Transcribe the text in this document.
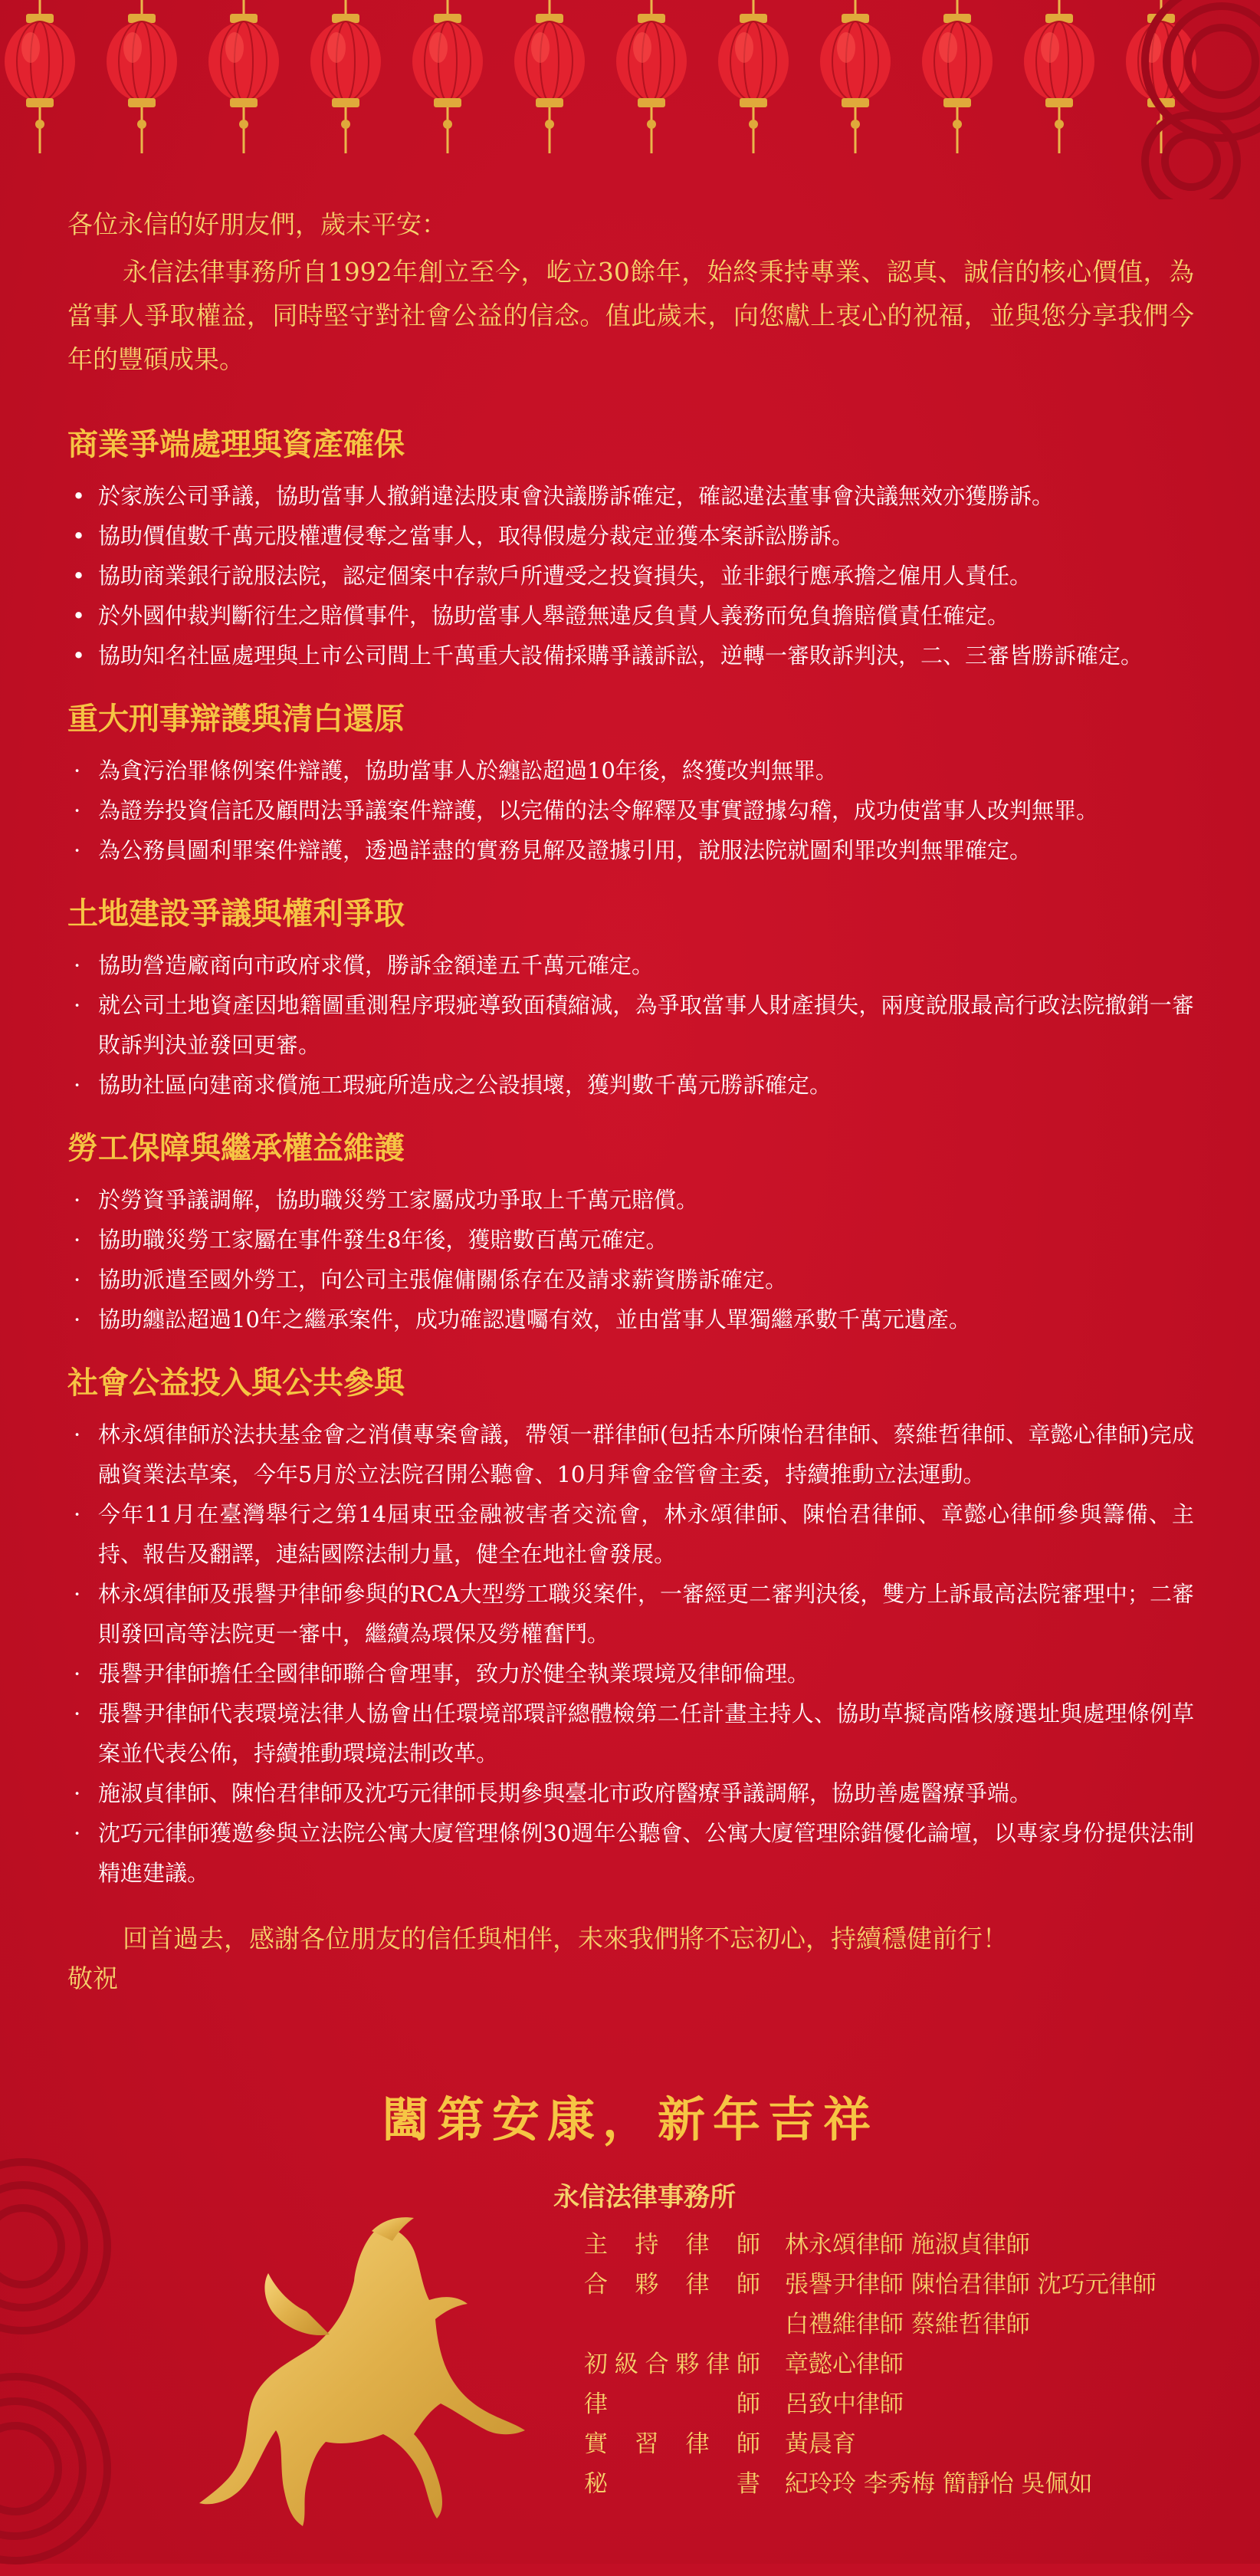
各位永信的好朋友們，歲末平安：

永信法律事務所自1992年創立至今，屹立30餘年，始終秉持專業、認真、誠信的核心價值，為當事人爭取權益，同時堅守對社會公益的信念。值此歲末，向您獻上衷心的祝福，並與您分享我們今年的豐碩成果。

商業爭端處理與資產確保
• 於家族公司爭議，協助當事人撤銷違法股東會決議勝訴確定，確認違法董事會決議無效亦獲勝訴。
• 協助價值數千萬元股權遭侵奪之當事人，取得假處分裁定並獲本案訴訟勝訴。
• 協助商業銀行說服法院，認定個案中存款戶所遭受之投資損失，並非銀行應承擔之僱用人責任。
• 於外國仲裁判斷衍生之賠償事件，協助當事人舉證無違反負責人義務而免負擔賠償責任確定。
• 協助知名社區處理與上市公司間上千萬重大設備採購爭議訴訟，逆轉一審敗訴判決，二、三審皆勝訴確定。
重大刑事辯護與清白還原
· 為貪污治罪條例案件辯護，協助當事人於纏訟超過10年後，終獲改判無罪。
· 為證券投資信託及顧問法爭議案件辯護，以完備的法令解釋及事實證據勾稽，成功使當事人改判無罪。
· 為公務員圖利罪案件辯護，透過詳盡的實務見解及證據引用，說服法院就圖利罪改判無罪確定。
土地建設爭議與權利爭取
· 協助營造廠商向市政府求償，勝訴金額達五千萬元確定。
· 就公司土地資產因地籍圖重測程序瑕疵導致面積縮減，為爭取當事人財產損失，兩度說服最高行政法院撤銷一審敗訴判決並發回更審。
· 協助社區向建商求償施工瑕疵所造成之公設損壞，獲判數千萬元勝訴確定。
勞工保障與繼承權益維護
· 於勞資爭議調解，協助職災勞工家屬成功爭取上千萬元賠償。
· 協助職災勞工家屬在事件發生8年後，獲賠數百萬元確定。
· 協助派遣至國外勞工，向公司主張僱傭關係存在及請求薪資勝訴確定。
· 協助纏訟超過10年之繼承案件，成功確認遺囑有效，並由當事人單獨繼承數千萬元遺產。
社會公益投入與公共參與
· 林永頌律師於法扶基金會之消債專案會議，帶領一群律師(包括本所陳怡君律師、蔡維哲律師、章懿心律師)完成融資業法草案，今年5月於立法院召開公聽會、10月拜會金管會主委，持續推動立法運動。
· 今年11月在臺灣舉行之第14屆東亞金融被害者交流會，林永頌律師、陳怡君律師、章懿心律師參與籌備、主持、報告及翻譯，連結國際法制力量，健全在地社會發展。
· 林永頌律師及張譽尹律師參與的RCA大型勞工職災案件，一審經更二審判決後，雙方上訴最高法院審理中；二審則發回高等法院更一審中，繼續為環保及勞權奮鬥。
· 張譽尹律師擔任全國律師聯合會理事，致力於健全執業環境及律師倫理。
· 張譽尹律師代表環境法律人協會出任環境部環評總體檢第二任計畫主持人、協助草擬高階核廢選址與處理條例草案並代表公佈，持續推動環境法制改革。
· 施淑貞律師、陳怡君律師及沈巧元律師長期參與臺北市政府醫療爭議調解，協助善處醫療爭端。
· 沈巧元律師獲邀參與立法院公寓大廈管理條例30週年公聽會、公寓大廈管理除錯優化論壇，以專家身份提供法制精進建議。

回首過去，感謝各位朋友的信任與相伴，未來我們將不忘初心，持續穩健前行！

敬祝

闔第安康，新年吉祥
永信法律事務所
主持律師 林永頌律師 施淑貞律師
合夥律師 張譽尹律師 陳怡君律師 沈巧元律師
白禮維律師 蔡維哲律師
初級合夥律師 章懿心律師
律師 呂致中律師
實習律師 黃晨育
秘書 紀玲玲 李秀梅 簡靜怡 吳佩如
